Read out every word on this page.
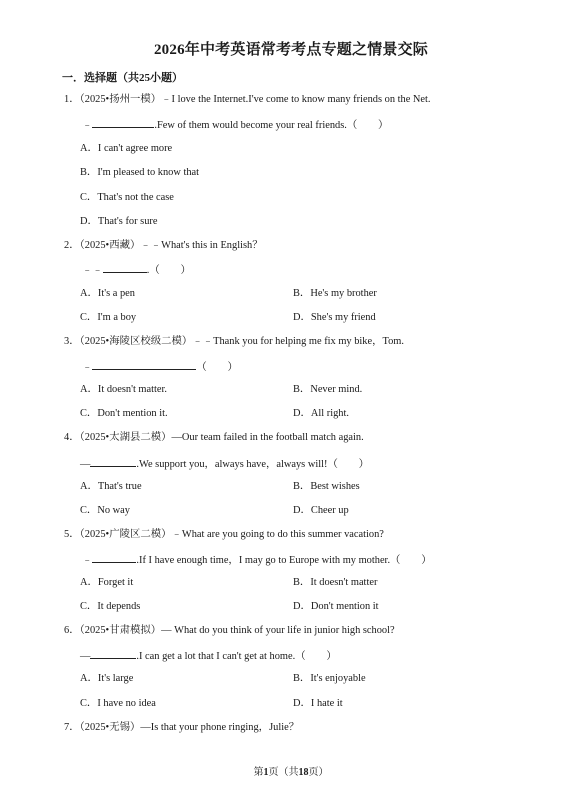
2026年中考英语常考考点专题之情景交际
一．选择题（共25小题）
1．（2025•扬州一模）﹣I love the Internet.I've come to know many friends on the Net.
﹣	.Few of them would become your real friends.（　　）
A．I can't agree more
B．I'm pleased to know that
C．That's not the case
D．That's for sure
2．（2025•西藏）﹣﹣What's this in English？
﹣﹣	.（　　）
A．It's a pen	B．He's my brother
C．I'm a boy	D．She's my friend
3．（2025•海陵区校级二模）﹣﹣Thank you for helping me fix my bike，Tom.
﹣	（　　）
A．It doesn't matter.	B．Never mind.
C．Don't mention it.	D．All right.
4．（2025•太湖县二模）—Our team failed in the football match again.
—	.We support you，always have，always will!（　　）
A．That's true	B．Best wishes
C．No way	D．Cheer up
5．（2025•广陵区二模）﹣What are you going to do this summer vacation?
﹣	.If I have enough time，I may go to Europe with my mother.（　　）
A．Forget it	B．It doesn't matter
C．It depends	D．Don't mention it
6．（2025•甘肃模拟）— What do you think of your life in junior high school?
—	.I can get a lot that I can't get at home.（　　）
A．It's large	B．It's enjoyable
C．I have no idea	D．I hate it
7．（2025•无锡）—Is that your phone ringing，Julie？
第1页（共18页）
